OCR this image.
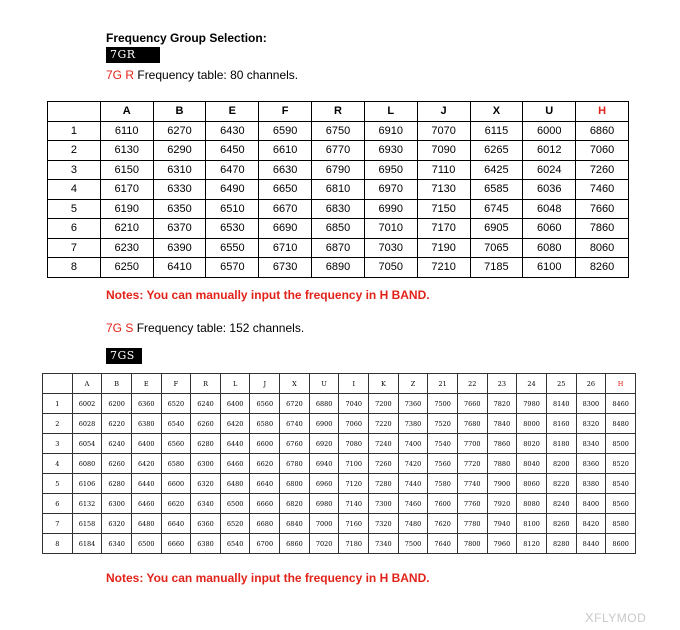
Frequency Group Selection:
7GR
7G R Frequency table: 80 channels.
	A	B	E	F	R	L	J	X	U	H
1	6110	6270	6430	6590	6750	6910	7070	6115	6000	6860
2	6130	6290	6450	6610	6770	6930	7090	6265	6012	7060
3	6150	6310	6470	6630	6790	6950	7110	6425	6024	7260
4	6170	6330	6490	6650	6810	6970	7130	6585	6036	7460
5	6190	6350	6510	6670	6830	6990	7150	6745	6048	7660
6	6210	6370	6530	6690	6850	7010	7170	6905	6060	7860
7	6230	6390	6550	6710	6870	7030	7190	7065	6080	8060
8	6250	6410	6570	6730	6890	7050	7210	7185	6100	8260
Notes: You can manually input the frequency in H BAND.
7G S Frequency table: 152 channels.
7GS
	A	B	E	F	R	L	J	X	U	I	K	Z	21	22	23	24	25	26	H
1	6002	6200	6360	6520	6240	6400	6560	6720	6880	7040	7200	7360	7500	7660	7820	7980	8140	8300	8460
2	6028	6220	6380	6540	6260	6420	6580	6740	6900	7060	7220	7380	7520	7680	7840	8000	8160	8320	8480
3	6054	6240	6400	6560	6280	6440	6600	6760	6920	7080	7240	7400	7540	7700	7860	8020	8180	8340	8500
4	6080	6260	6420	6580	6300	6460	6620	6780	6940	7100	7260	7420	7560	7720	7880	8040	8200	8360	8520
5	6106	6280	6440	6600	6320	6480	6640	6800	6960	7120	7280	7440	7580	7740	7900	8060	8220	8380	8540
6	6132	6300	6460	6620	6340	6500	6660	6820	6980	7140	7300	7460	7600	7760	7920	8080	8240	8400	8560
7	6158	6320	6480	6640	6360	6520	6680	6840	7000	7160	7320	7480	7620	7780	7940	8100	8260	8420	8580
8	6184	6340	6500	6660	6380	6540	6700	6860	7020	7180	7340	7500	7640	7800	7960	8120	8280	8440	8600
Notes: You can manually input the frequency in H BAND.
XFLYMOD
